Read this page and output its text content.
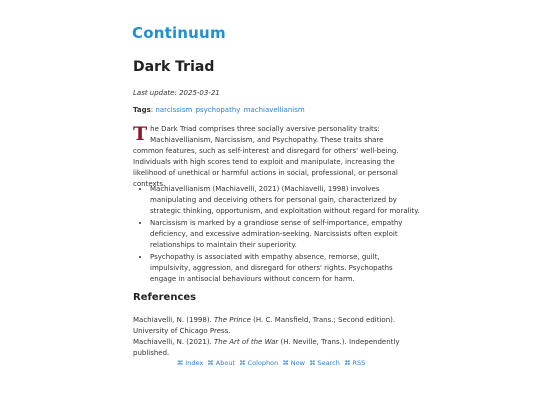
Continuum
Dark Triad
Last update: 2025-03-21
Tags: narcissism psychopathy machiavellianism

The Dark Triad comprises three socially aversive personality traits: Machiavellianism, Narcissism, and Psychopathy. These traits share common features, such as self-interest and disregard for others' well-being. Individuals with high scores tend to exploit and manipulate, increasing the likelihood of unethical or harmful actions in social, professional, or personal contexts.

• Machiavellianism (Machiavelli, 2021) (Machiavelli, 1998) involves manipulating and deceiving others for personal gain, characterized by strategic thinking, opportunism, and exploitation without regard for morality.
• Narcissism is marked by a grandiose sense of self-importance, empathy deficiency, and excessive admiration-seeking. Narcissists often exploit relationships to maintain their superiority.
• Psychopathy is associated with empathy absence, remorse, guilt, impulsivity, aggression, and disregard for others' rights. Psychopaths engage in antisocial behaviours without concern for harm.
References

Machiavelli, N. (1998). The Prince (H. C. Mansfield, Trans.; Second edition). University of Chicago Press.

Machiavelli, N. (2021). The Art of the War (H. Neville, Trans.). Independently published.

⌘ Index ⌘ About ⌘ Colophon ⌘ Now ⌘ Search ⌘ RSS
